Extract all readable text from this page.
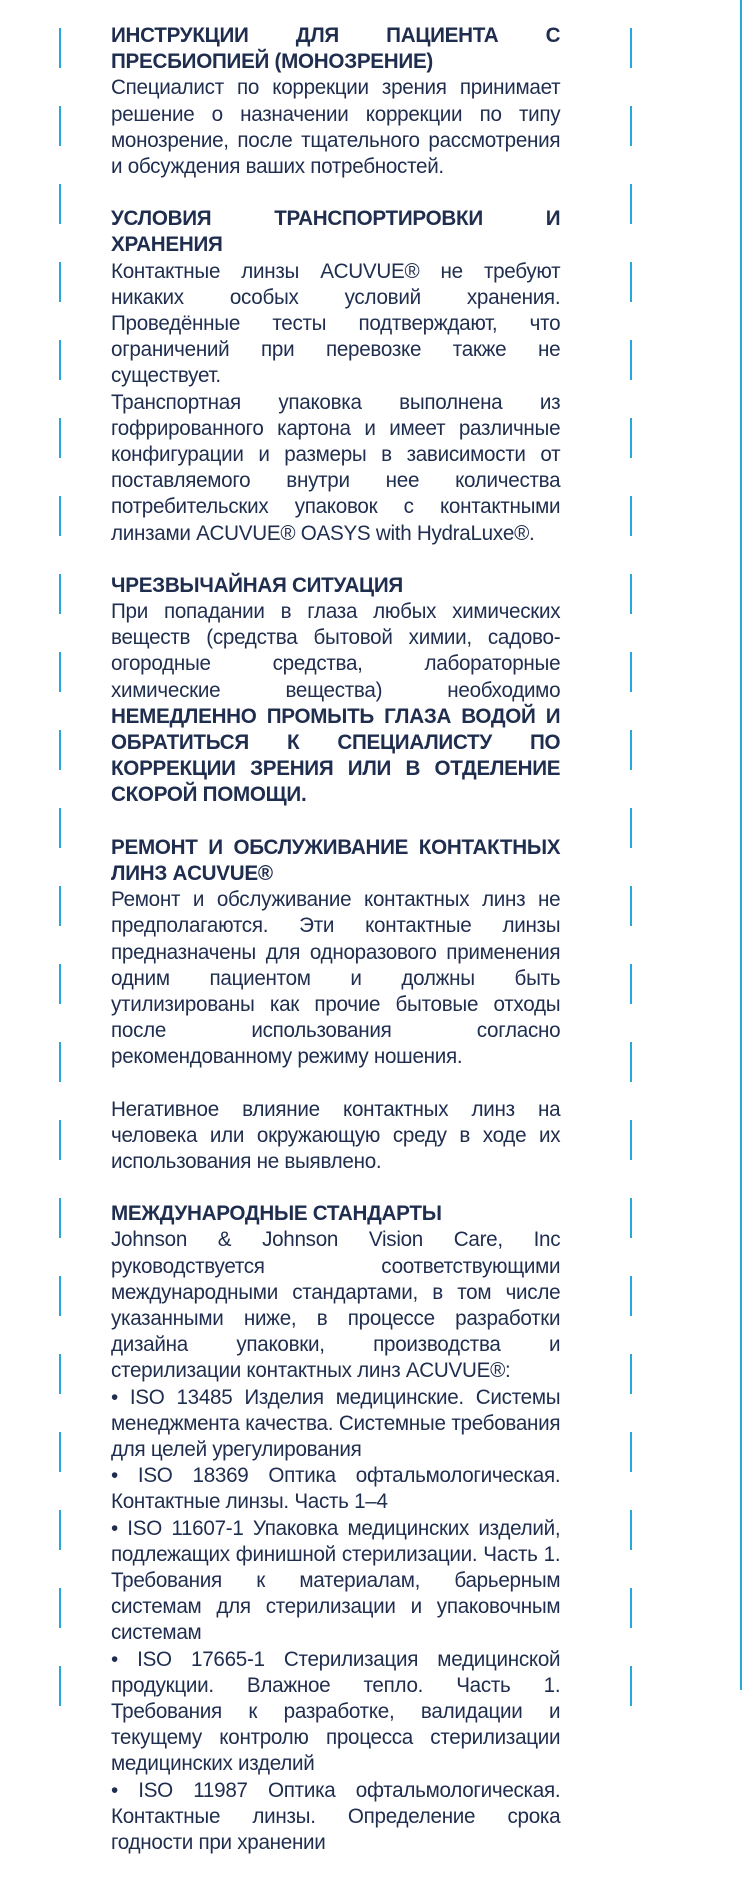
ИНСТРУКЦИИ ДЛЯ ПАЦИЕНТА С ПРЕСБИОПИЕЙ (МОНОЗРЕНИЕ)

Специалист по коррекции зрения принимает решение о назначении коррекции по типу монозрение, после тщательного рассмотрения и обсуждения ваших потребностей.

УСЛОВИЯ ТРАНСПОРТИРОВКИ И ХРАНЕНИЯ

Контактные линзы ACUVUE® не требуют никаких особых условий хранения. Проведённые тесты подтверждают, что ограничений при перевозке также не существует.

Транспортная упаковка выполнена из гофрированного картона и имеет различные конфигурации и размеры в зависимости от поставляемого внутри нее количества потребительских упаковок с контактными линзами ACUVUE® OASYS with HydraLuxe®.

ЧРЕЗВЫЧАЙНАЯ СИТУАЦИЯ

При попадании в глаза любых химических веществ (средства бытовой химии, садово-огородные средства, лабораторные химические вещества) необходимо НЕМЕДЛЕННО ПРОМЫТЬ ГЛАЗА ВОДОЙ И ОБРАТИТЬСЯ К СПЕЦИАЛИСТУ ПО КОРРЕКЦИИ ЗРЕНИЯ ИЛИ В ОТДЕЛЕНИЕ СКОРОЙ ПОМОЩИ.

РЕМОНТ И ОБСЛУЖИВАНИЕ КОНТАКТНЫХ ЛИНЗ ACUVUE®

Ремонт и обслуживание контактных линз не предполагаются. Эти контактные линзы предназначены для одноразового применения одним пациентом и должны быть утилизированы как прочие бытовые отходы после использования согласно рекомендованному режиму ношения.

Негативное влияние контактных линз на человека или окружающую среду в ходе их использования не выявлено.

МЕЖДУНАРОДНЫЕ СТАНДАРТЫ

Johnson & Johnson Vision Care, Inc руководствуется соответствующими международными стандартами, в том числе указанными ниже, в процессе разработки дизайна упаковки, производства и стерилизации контактных линз ACUVUE®:

• ISO 13485 Изделия медицинские. Системы менеджмента качества. Системные требования для целей урегулирования
• ISO 18369 Оптика офтальмологическая. Контактные линзы. Часть 1–4
• ISO 11607-1 Упаковка медицинских изделий, подлежащих финишной стерилизации. Часть 1. Требования к материалам, барьерным системам для стерилизации и упаковочным системам
• ISO 17665-1 Стерилизация медицинской продукции. Влажное тепло. Часть 1. Требования к разработке, валидации и текущему контролю процесса стерилизации медицинских изделий
• ISO 11987 Оптика офтальмологическая. Контактные линзы. Определение срока годности при хранении
